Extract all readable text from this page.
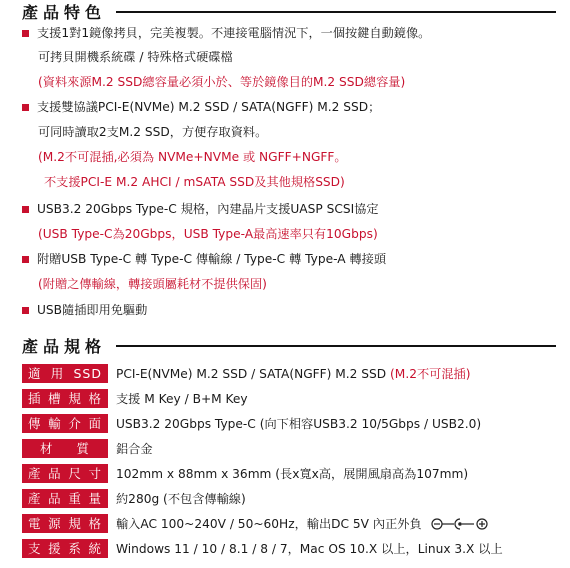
產品特色
支援1對1鏡像拷貝，完美複製。不連接電腦情況下，一個按鍵自動鏡像。
可拷貝開機系統碟 / 特殊格式硬碟檔
(資料來源M.2 SSD總容量必須小於、等於鏡像目的M.2 SSD總容量)
支援雙協議PCI-E(NVMe) M.2 SSD / SATA(NGFF) M.2 SSD；
可同時讀取2支M.2 SSD，方便存取資料。
(M.2不可混插,必須為 NVMe+NVMe 或 NGFF+NGFF。
不支援PCI-E M.2 AHCI / mSATA SSD及其他規格SSD)
USB3.2 20Gbps Type-C 規格，內建晶片支援UASP SCSI協定
(USB Type-C為20Gbps，USB Type-A最高速率只有10Gbps)
附贈USB Type-C 轉 Type-C 傳輸線 / Type-C 轉 Type-A 轉接頭
(附贈之傳輸線，轉接頭屬耗材不提供保固)
USB隨插即用免驅動
產品規格
適用SSD	PCI-E(NVMe) M.2 SSD / SATA(NGFF) M.2 SSD (M.2不可混插)
插槽規格	支援 M Key / B+M Key
傳輸介面	USB3.2 20Gbps Type-C (向下相容USB3.2 10/5Gbps / USB2.0)
材質	鋁合金
產品尺寸	102mm x 88mm x 36mm (長x寬x高，展開風扇高為107mm)
產品重量	約280g (不包含傳輸線)
電源規格	輸入AC 100~240V / 50~60Hz，輸出DC 5V 內正外負
支援系統	Windows 11 / 10 / 8.1 / 8 / 7，Mac OS 10.X 以上，Linux 3.X 以上
